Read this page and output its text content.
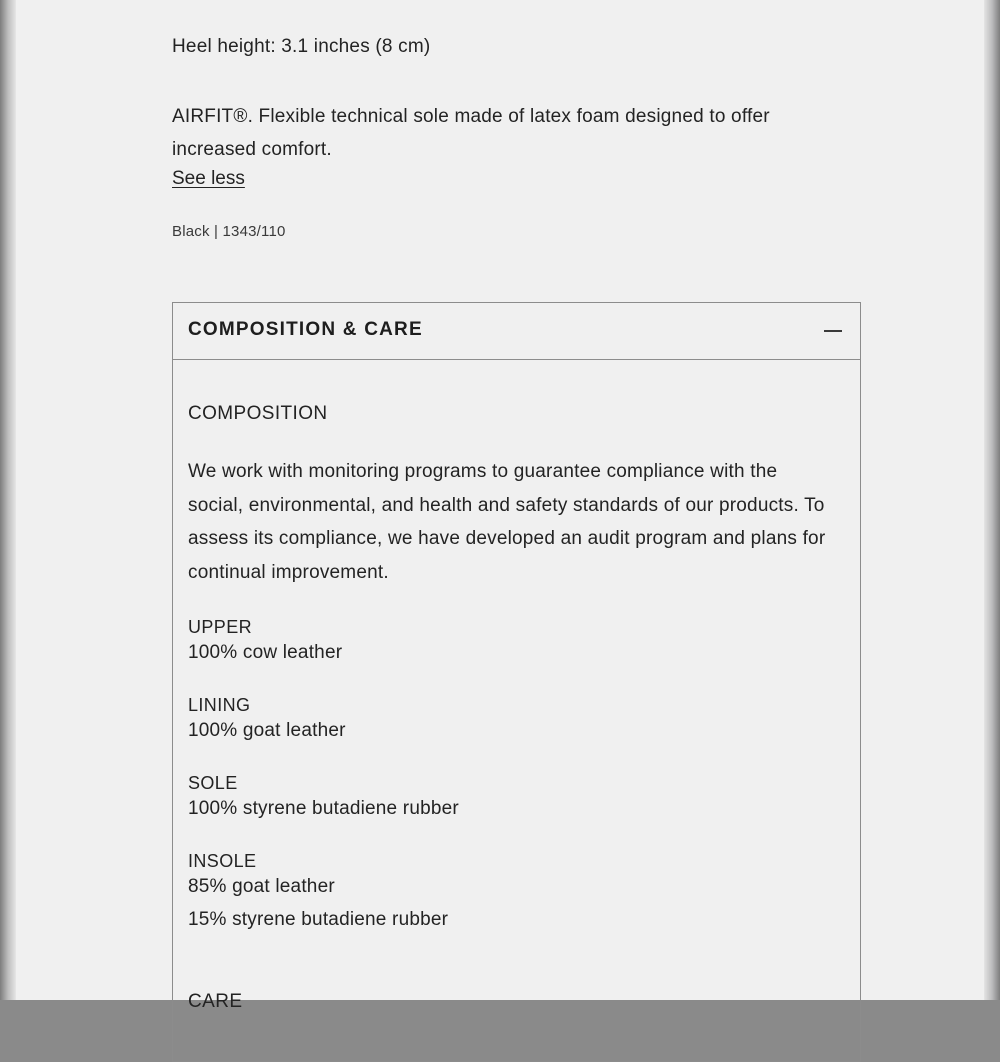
Heel height: 3.1 inches (8 cm)
AIRFIT®. Flexible technical sole made of latex foam designed to offer increased comfort.
See less
Black | 1343/110
COMPOSITION & CARE
COMPOSITION
We work with monitoring programs to guarantee compliance with the social, environmental, and health and safety standards of our products. To assess its compliance, we have developed an audit program and plans for continual improvement.
UPPER
100% cow leather
LINING
100% goat leather
SOLE
100% styrene butadiene rubber
INSOLE
85% goat leather
15% styrene butadiene rubber
CARE
